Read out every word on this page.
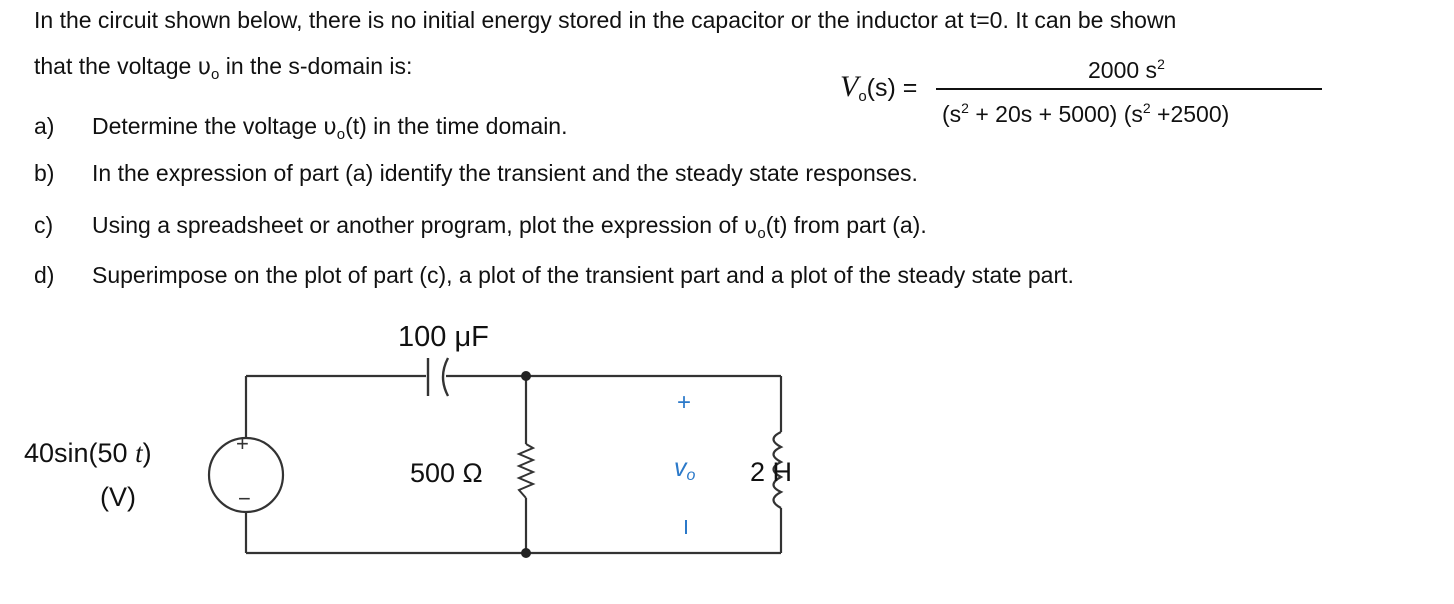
In the circuit shown below, there is no initial energy stored in the capacitor or the inductor at t=0. It can be shown
that the voltage $\upsilon_o$ in the s-domain is:
$V_o(s)$ =
2000 $s^2$
$(s^2 + 20s + 5000)$ $(s^2 +2500)$
a) Determine the voltage $\upsilon_o(t)$ in the time domain.
b) In the expression of part (a) identify the transient and the steady state responses.
c) Using a spreadsheet or another program, plot the expression of $\upsilon_o(t)$ from part (a).
d) Superimpose on the plot of part (c), a plot of the transient part and a plot of the steady state part.
100 μF
+
−
40sin(50 t)
(V)
500 Ω	2 H
+
vo
